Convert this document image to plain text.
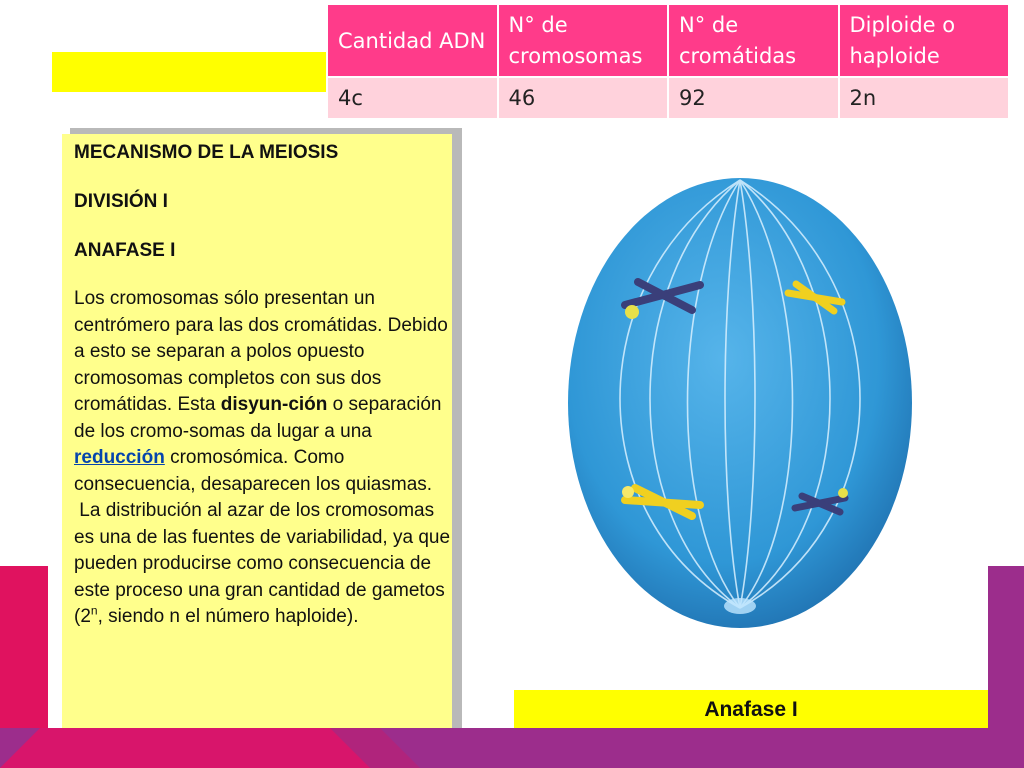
Cantidad ADN	N° de cromosomas	N° de cromátidas	Diploide o haploide
4c	46	92	2n
MECANISMO DE LA MEIOSIS
DIVISIÓN I
ANAFASE I
Los cromosomas sólo presentan un centrómero para las dos cromátidas. Debido a esto se separan a polos opuesto cromosomas completos con sus dos cromátidas. Esta disyun-ción o separación de los cromo-somas da lugar a una reducción cromosómica. Como consecuencia, desaparecen los quiasmas.
La distribución al azar de los cromosomas es una de las fuentes de variabilidad, ya que pueden producirse como consecuencia de este proceso una gran cantidad de gametos (2$^n$, siendo n el número haploide).
Anafase I
